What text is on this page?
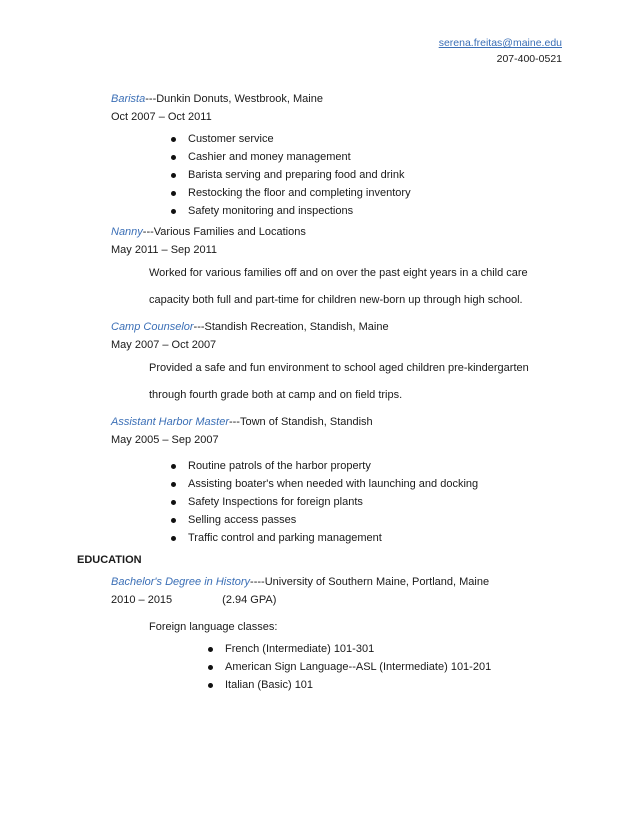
serena.freitas@maine.edu
207-400-0521
Barista---Dunkin Donuts, Westbrook, Maine
Oct 2007 – Oct 2011
Customer service
Cashier and money management
Barista serving and preparing food and drink
Restocking the floor and completing inventory
Safety monitoring and inspections
Nanny---Various Families and Locations
May 2011 – Sep 2011
Worked for various families off and on over the past eight years in a child care
capacity both full and part-time for children new-born up through high school.
Camp Counselor---Standish Recreation, Standish, Maine
May 2007 – Oct 2007
Provided a safe and fun environment to school aged children pre-kindergarten
through fourth grade both at camp and on field trips.
Assistant Harbor Master---Town of Standish, Standish
May 2005 – Sep 2007
Routine patrols of the harbor property
Assisting boater's when needed with launching and docking
Safety Inspections for foreign plants
Selling access passes
Traffic control and parking management
EDUCATION
Bachelor's Degree in History----University of Southern Maine, Portland, Maine
2010 – 2015	(2.94 GPA)
Foreign language classes:
French (Intermediate) 101-301
American Sign Language--ASL (Intermediate) 101-201
Italian (Basic) 101
